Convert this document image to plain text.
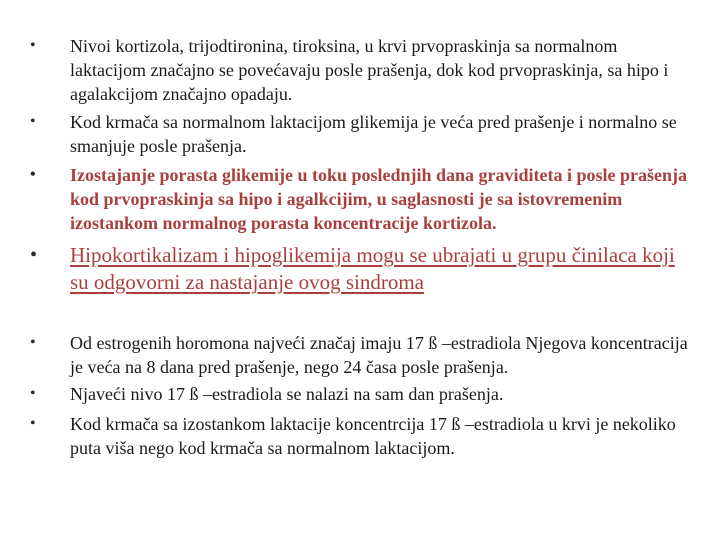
• Nivoi kortizola, trijodtironina, tiroksina, u krvi prvopraskinja sa normalnom laktacijom značajno se povećavaju posle prašenja, dok kod prvopraskinja, sa hipo i agalakcijom značajno opadaju.
• Kod krmača sa normalnom laktacijom glikemija je veća pred prašenje i normalno se smanjuje posle prašenja.
• Izostajanje porasta glikemije u toku poslednjih dana graviditeta i posle prašenja kod prvopraskinja sa hipo i agalkcijim, u saglasnosti je sa istovremenim izostankom normalnog porasta koncentracije kortizola.
• Hipokortikalizam i hipoglikemija mogu se ubrajati u grupu činilaca koji su odgovorni za nastajanje ovog sindroma
• Od estrogenih horomona najveći značaj imaju 17 ß –estradiola Njegova koncentracija je veća na 8 dana pred prašenje, nego 24 časa posle prašenja.
• Njaveći nivo 17 ß –estradiola se nalazi na sam dan prašenja.
• Kod krmača sa izostankom laktacije koncentrcija 17 ß –estradiola u krvi je nekoliko puta viša nego kod krmača sa normalnom laktacijom.
